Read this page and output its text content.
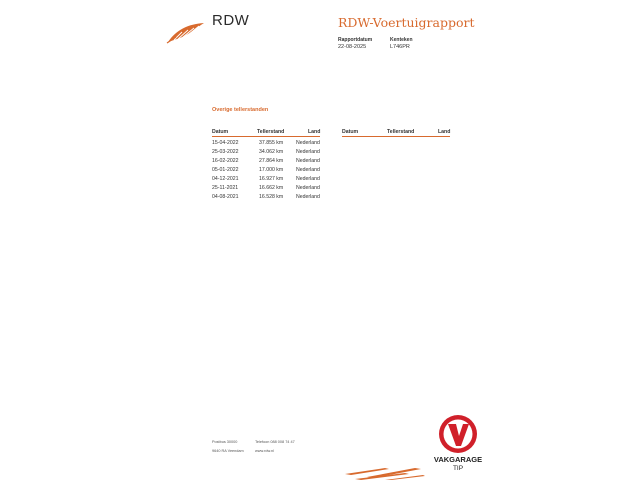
RDW	RDW-Voertuigrapport
Rapportdatum
22-08-2025
Kenteken
L746PR
Overige tellerstanden
Datum	Tellerstand	Land	Datum	Tellerstand	Land
15-04-2022	37.855 km Nederland
25-03-2022	34.062 km Nederland
16-02-2022	27.864 km Nederland
05-01-2022	17.000 km Nederland
04-12-2021	16.927 km Nederland
25-11-2021	16.662 km Nederland
04-08-2021	16.528 km Nederland
Postbus 30000
9640 RA Veendam
Telefoon 088 008 74 47
www.rdw.nl
VAKGARAGE
TIP
